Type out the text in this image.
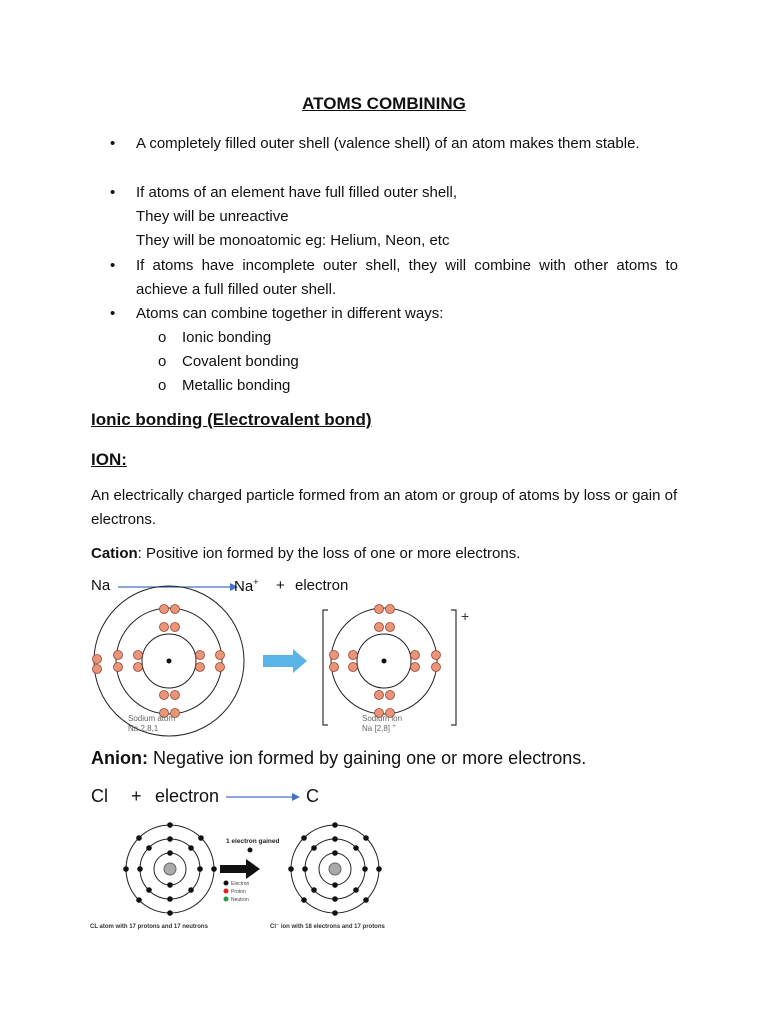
ATOMS COMBINING
• A completely filled outer shell (valence shell) of an atom makes them stable.
• If atoms of an element have full filled outer shell,
They will be unreactive
They will be monoatomic eg: Helium, Neon, etc
• If atoms have incomplete outer shell, they will combine with other atoms to achieve a full filled outer shell.
• Atoms can combine together in different ways:
o Ionic bonding
o Covalent bonding
o Metallic bonding
Ionic bonding (Electrovalent bond)
ION:
An electrically charged particle formed from an atom or group of atoms by loss or gain of electrons.
Cation: Positive ion formed by the loss of one or more electrons.
Na	Na+ + electron
+
Sodium atom
Na 2,8,1
Sodium ion
Na [2,8] +
Anion: Negative ion formed by gaining one or more electrons.
Cl + electron	C
1 electron gained
Electron
Proton
Neutron
CL atom with 17 protons and 17 neutrons	Cl⁻ ion with 18 electrons and 17 protons
